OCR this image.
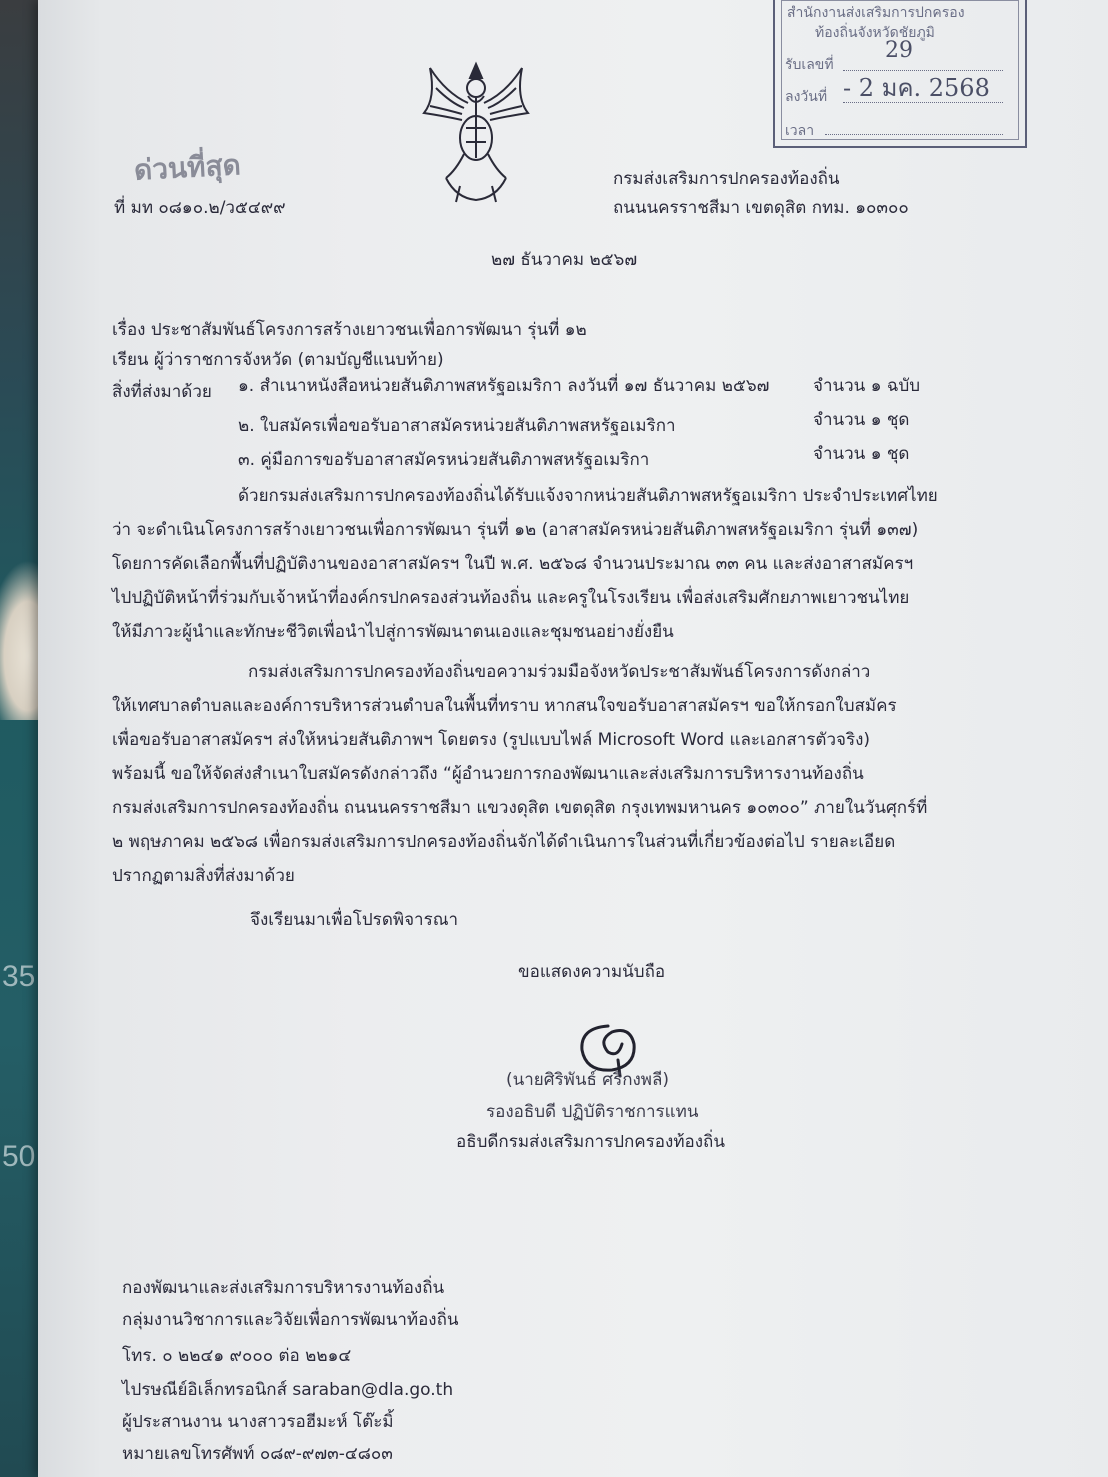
35
50
สำนักงานส่งเสริมการปกครอง
ท้องถิ่นจังหวัดชัยภูมิ
รับเลขที่
29
ลงวันที่ - 2 มค. 2568
เวลา
ด่วนที่สุด
ที่ มท ๐๘๑๐.๒/ว๕๔๙๙
กรมส่งเสริมการปกครองท้องถิ่น
ถนนนครราชสีมา เขตดุสิต กทม. ๑๐๓๐๐
๒๗ ธันวาคม ๒๕๖๗
เรื่อง ประชาสัมพันธ์โครงการสร้างเยาวชนเพื่อการพัฒนา รุ่นที่ ๑๒
เรียน ผู้ว่าราชการจังหวัด (ตามบัญชีแนบท้าย)
สิ่งที่ส่งมาด้วย ๑. สำเนาหนังสือหน่วยสันติภาพสหรัฐอเมริกา ลงวันที่ ๑๗ ธันวาคม ๒๕๖๗	จำนวน ๑ ฉบับ
๒. ใบสมัครเพื่อขอรับอาสาสมัครหน่วยสันติภาพสหรัฐอเมริกา	จำนวน ๑ ชุด
๓. คู่มือการขอรับอาสาสมัครหน่วยสันติภาพสหรัฐอเมริกา	จำนวน ๑ ชุด
ด้วยกรมส่งเสริมการปกครองท้องถิ่นได้รับแจ้งจากหน่วยสันติภาพสหรัฐอเมริกา ประจำประเทศไทย
ว่า จะดำเนินโครงการสร้างเยาวชนเพื่อการพัฒนา รุ่นที่ ๑๒ (อาสาสมัครหน่วยสันติภาพสหรัฐอเมริกา รุ่นที่ ๑๓๗)
โดยการคัดเลือกพื้นที่ปฏิบัติงานของอาสาสมัครฯ ในปี พ.ศ. ๒๕๖๘ จำนวนประมาณ ๓๓ คน และส่งอาสาสมัครฯ
ไปปฏิบัติหน้าที่ร่วมกับเจ้าหน้าที่องค์กรปกครองส่วนท้องถิ่น และครูในโรงเรียน เพื่อส่งเสริมศักยภาพเยาวชนไทย
ให้มีภาวะผู้นำและทักษะชีวิตเพื่อนำไปสู่การพัฒนาตนเองและชุมชนอย่างยั่งยืน
กรมส่งเสริมการปกครองท้องถิ่นขอความร่วมมือจังหวัดประชาสัมพันธ์โครงการดังกล่าว
ให้เทศบาลตำบลและองค์การบริหารส่วนตำบลในพื้นที่ทราบ หากสนใจขอรับอาสาสมัครฯ ขอให้กรอกใบสมัคร
เพื่อขอรับอาสาสมัครฯ ส่งให้หน่วยสันติภาพฯ โดยตรง (รูปแบบไฟล์ Microsoft Word และเอกสารตัวจริง)
พร้อมนี้ ขอให้จัดส่งสำเนาใบสมัครดังกล่าวถึง “ผู้อำนวยการกองพัฒนาและส่งเสริมการบริหารงานท้องถิ่น
กรมส่งเสริมการปกครองท้องถิ่น ถนนนครราชสีมา แขวงดุสิต เขตดุสิต กรุงเทพมหานคร ๑๐๓๐๐” ภายในวันศุกร์ที่
๒ พฤษภาคม ๒๕๖๘ เพื่อกรมส่งเสริมการปกครองท้องถิ่นจักได้ดำเนินการในส่วนที่เกี่ยวข้องต่อไป รายละเอียด
ปรากฏตามสิ่งที่ส่งมาด้วย
จึงเรียนมาเพื่อโปรดพิจารณา
ขอแสดงความนับถือ
(นายศิริพันธ์ ศรีกงพลี)
รองอธิบดี ปฏิบัติราชการแทน
อธิบดีกรมส่งเสริมการปกครองท้องถิ่น
กองพัฒนาและส่งเสริมการบริหารงานท้องถิ่น
กลุ่มงานวิชาการและวิจัยเพื่อการพัฒนาท้องถิ่น
โทร. ๐ ๒๒๔๑ ๙๐๐๐ ต่อ ๒๒๑๔
ไปรษณีย์อิเล็กทรอนิกส์ saraban@dla.go.th
ผู้ประสานงาน นางสาวรอฮีมะห์ โต๊ะมิ้
หมายเลขโทรศัพท์ ๐๘๙-๙๗๓-๔๘๐๓
